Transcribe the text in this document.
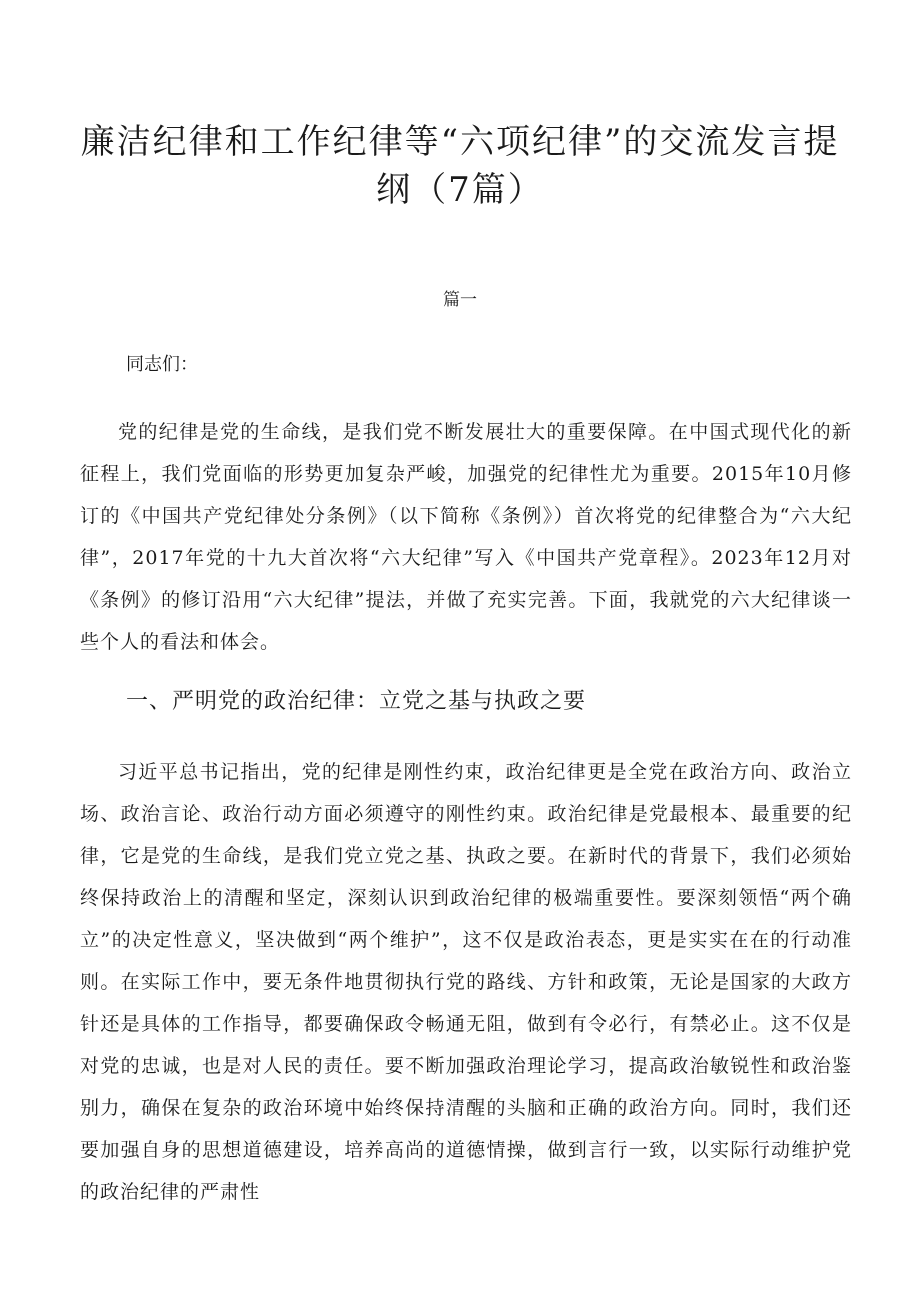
廉洁纪律和工作纪律等“六项纪律”的交流发言提纲（7篇）
篇一
同志们：

党的纪律是党的生命线，是我们党不断发展壮大的重要保障。在中国式现代化的新征程上，我们党面临的形势更加复杂严峻，加强党的纪律性尤为重要。2015年10月修订的《中国共产党纪律处分条例》（以下简称《条例》）首次将党的纪律整合为“六大纪律”，2017年党的十九大首次将“六大纪律”写入《中国共产党章程》。2023年12月对《条例》的修订沿用“六大纪律”提法，并做了充实完善。下面，我就党的六大纪律谈一些个人的看法和体会。

一、严明党的政治纪律：立党之基与执政之要

习近平总书记指出，党的纪律是刚性约束，政治纪律更是全党在政治方向、政治立场、政治言论、政治行动方面必须遵守的刚性约束。政治纪律是党最根本、最重要的纪律，它是党的生命线，是我们党立党之基、执政之要。在新时代的背景下，我们必须始终保持政治上的清醒和坚定，深刻认识到政治纪律的极端重要性。要深刻领悟“两个确立”的决定性意义，坚决做到“两个维护”，这不仅是政治表态，更是实实在在的行动准则。在实际工作中，要无条件地贯彻执行党的路线、方针和政策，无论是国家的大政方针还是具体的工作指导，都要确保政令畅通无阻，做到有令必行，有禁必止。这不仅是对党的忠诚，也是对人民的责任。要不断加强政治理论学习，提高政治敏锐性和政治鉴别力，确保在复杂的政治环境中始终保持清醒的头脑和正确的政治方向。同时，我们还要加强自身的思想道德建设，培养高尚的道德情操，做到言行一致，以实际行动维护党的政治纪律的严肃性
